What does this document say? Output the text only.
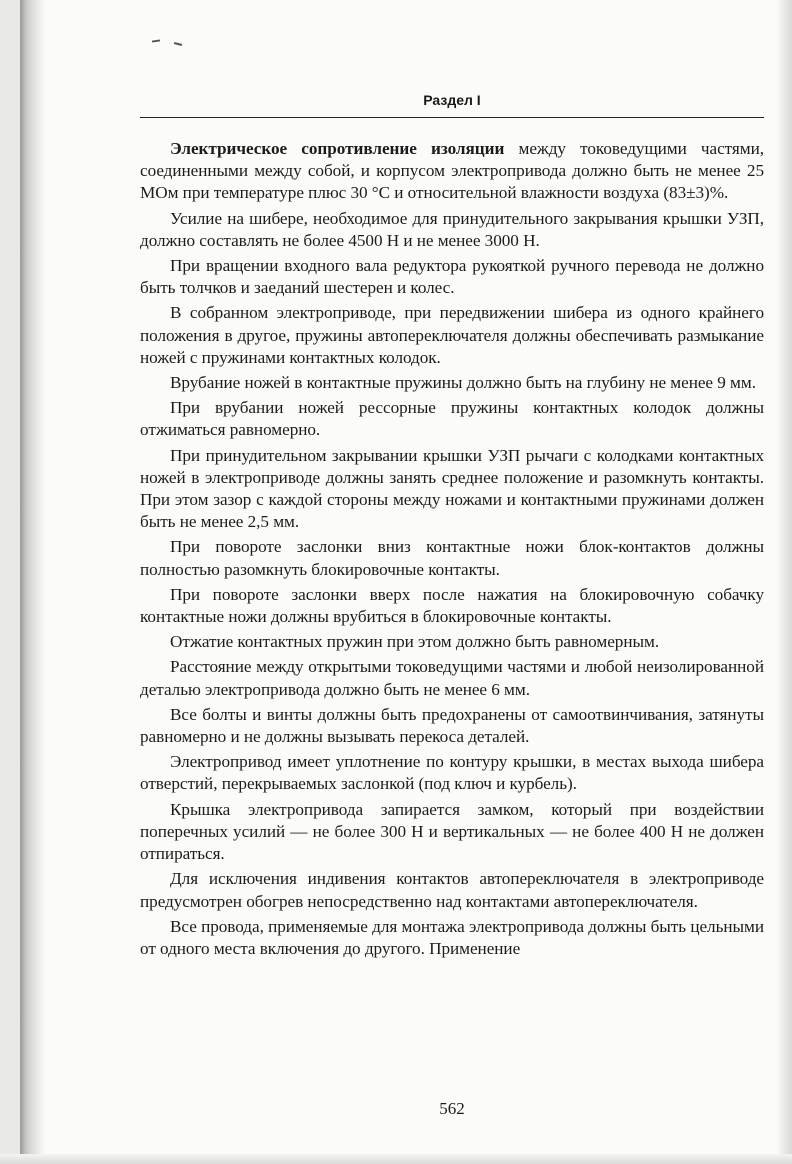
Раздел I

Электрическое сопротивление изоляции между токоведущими частями, соединенными между собой, и корпусом электропривода должно быть не менее 25 МОм при температуре плюс 30 °С и относительной влажности воздуха (83±3)%.

Усилие на шибере, необходимое для принудительного закрывания крышки УЗП, должно составлять не более 4500 Н и не менее 3000 Н.

При вращении входного вала редуктора рукояткой ручного перевода не должно быть толчков и заеданий шестерен и колес.

В собранном электроприводе, при передвижении шибера из одного крайнего положения в другое, пружины автопереключателя должны обеспечивать размыкание ножей с пружинами контактных колодок.

Врубание ножей в контактные пружины должно быть на глубину не менее 9 мм.

При врубании ножей рессорные пружины контактных колодок должны отжиматься равномерно.

При принудительном закрывании крышки УЗП рычаги с колодками контактных ножей в электроприводе должны занять среднее положение и разомкнуть контакты. При этом зазор с каждой стороны между ножами и контактными пружинами должен быть не менее 2,5 мм.

При повороте заслонки вниз контактные ножи блок-контактов должны полностью разомкнуть блокировочные контакты.

При повороте заслонки вверх после нажатия на блокировочную собачку контактные ножи должны врубиться в блокировочные контакты.

Отжатие контактных пружин при этом должно быть равномерным.

Расстояние между открытыми токоведущими частями и любой неизолированной деталью электропривода должно быть не менее 6 мм.

Все болты и винты должны быть предохранены от самоотвинчивания, затянуты равномерно и не должны вызывать перекоса деталей.

Электропривод имеет уплотнение по контуру крышки, в местах выхода шибера отверстий, перекрываемых заслонкой (под ключ и курбель).

Крышка электропривода запирается замком, который при воздействии поперечных усилий — не более 300 Н и вертикальных — не более 400 Н не должен отпираться.

Для исключения индивения контактов автопереключателя в электроприводе предусмотрен обогрев непосредственно над контактами автопереключателя.

Все провода, применяемые для монтажа электропривода должны быть цельными от одного места включения до другого. Применение

562
